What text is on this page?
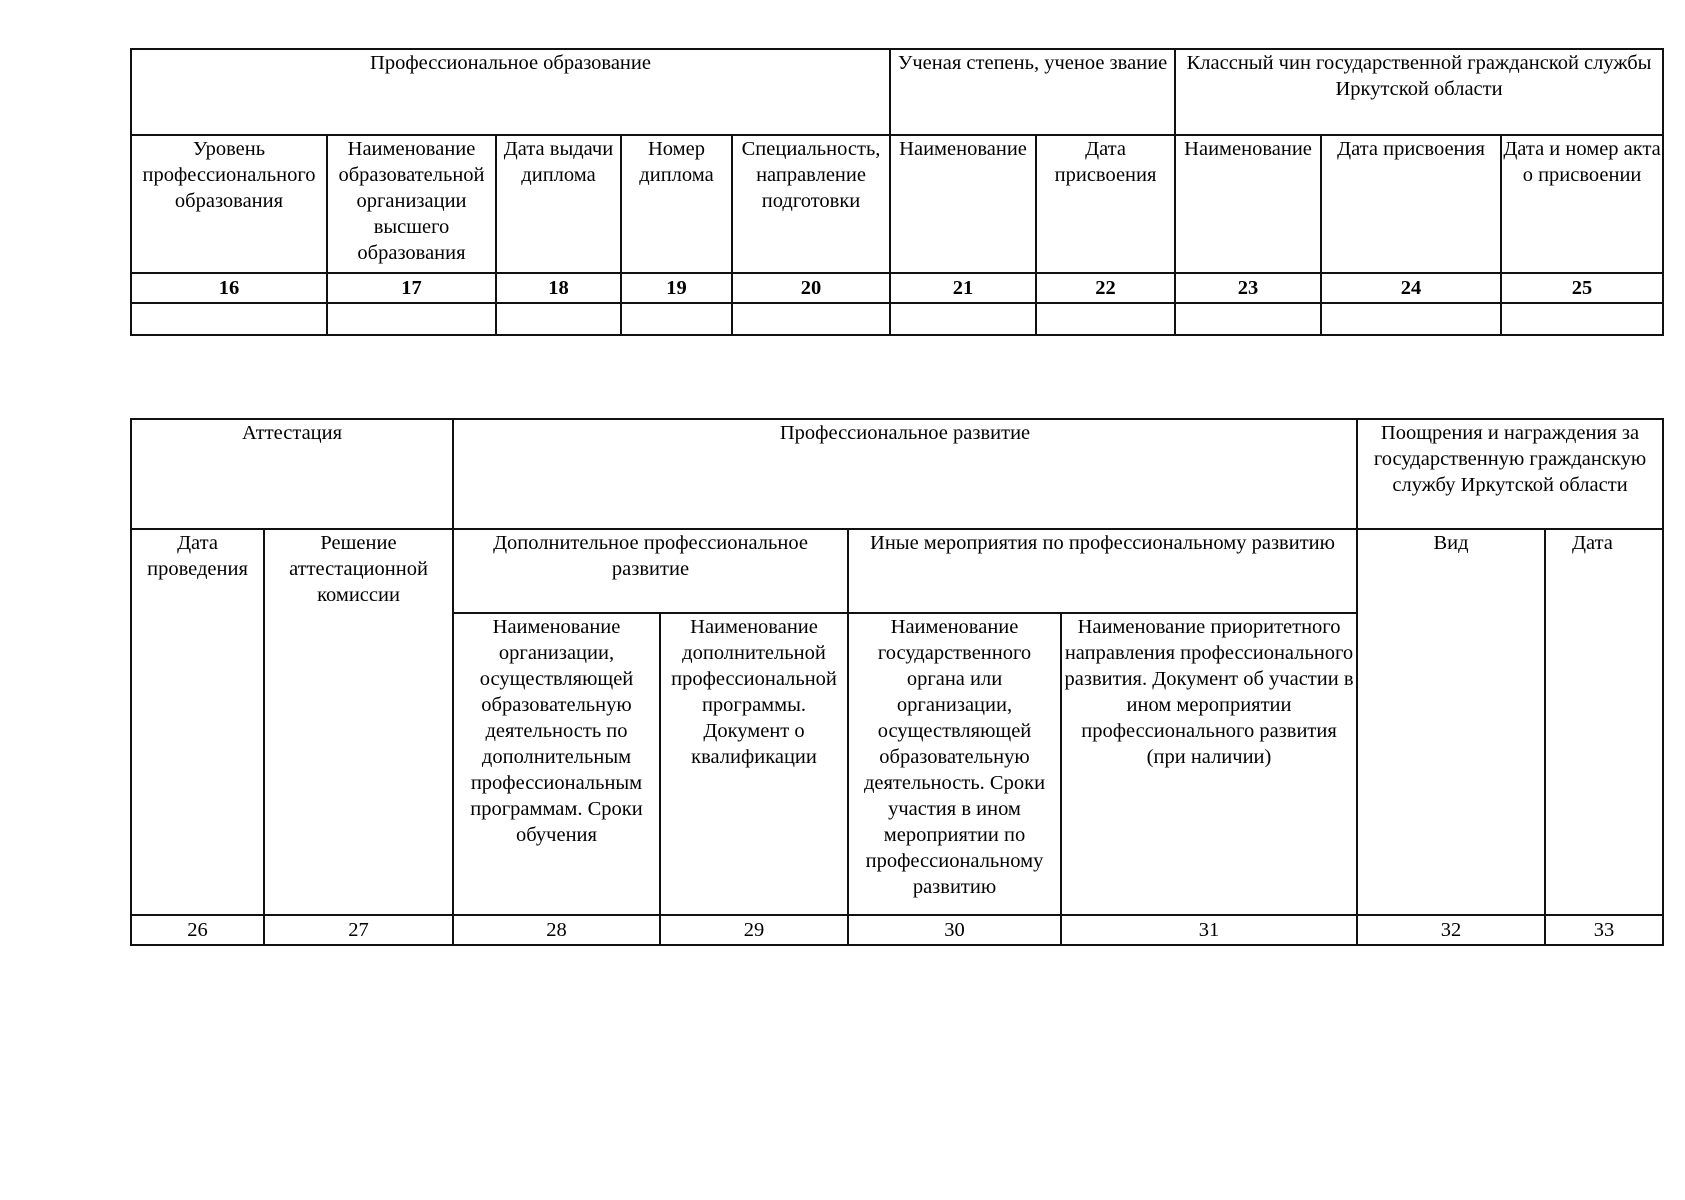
Профессиональное образование					Ученая степень, ученое звание		Классный чин государственной гражданской службы Иркутской области		
Уровень профессионального образования	Наименование образовательной организации высшего образования	Дата выдачи диплома	Номер диплома	Специальность, направление подготовки	Наименование	Дата присвоения	Наименование	Дата присвоения	Дата и номер акта о присвоении
16	17	18	19	20	21	22	23	24	25

Аттестация		Профессиональное развитие				Поощрения и награждения за государственную гражданскую службу Иркутской области	
Дата проведения	Решение аттестационной комиссии	Дополнительное профессиональное развитие		Иные мероприятия по профессиональному развитию		Вид	Дата
		Наименование организации, осуществляющей образовательную деятельность по дополнительным профессиональным программам. Сроки обучения	Наименование дополнительной профессиональной программы. Документ о квалификации	Наименование государственного органа или организации, осуществляющей образовательную деятельность. Сроки участия в ином мероприятии по профессиональному развитию	Наименование приоритетного направления профессионального развития. Документ об участии в ином мероприятии профессионального развития (при наличии)		
26	27	28	29	30	31	32	33
